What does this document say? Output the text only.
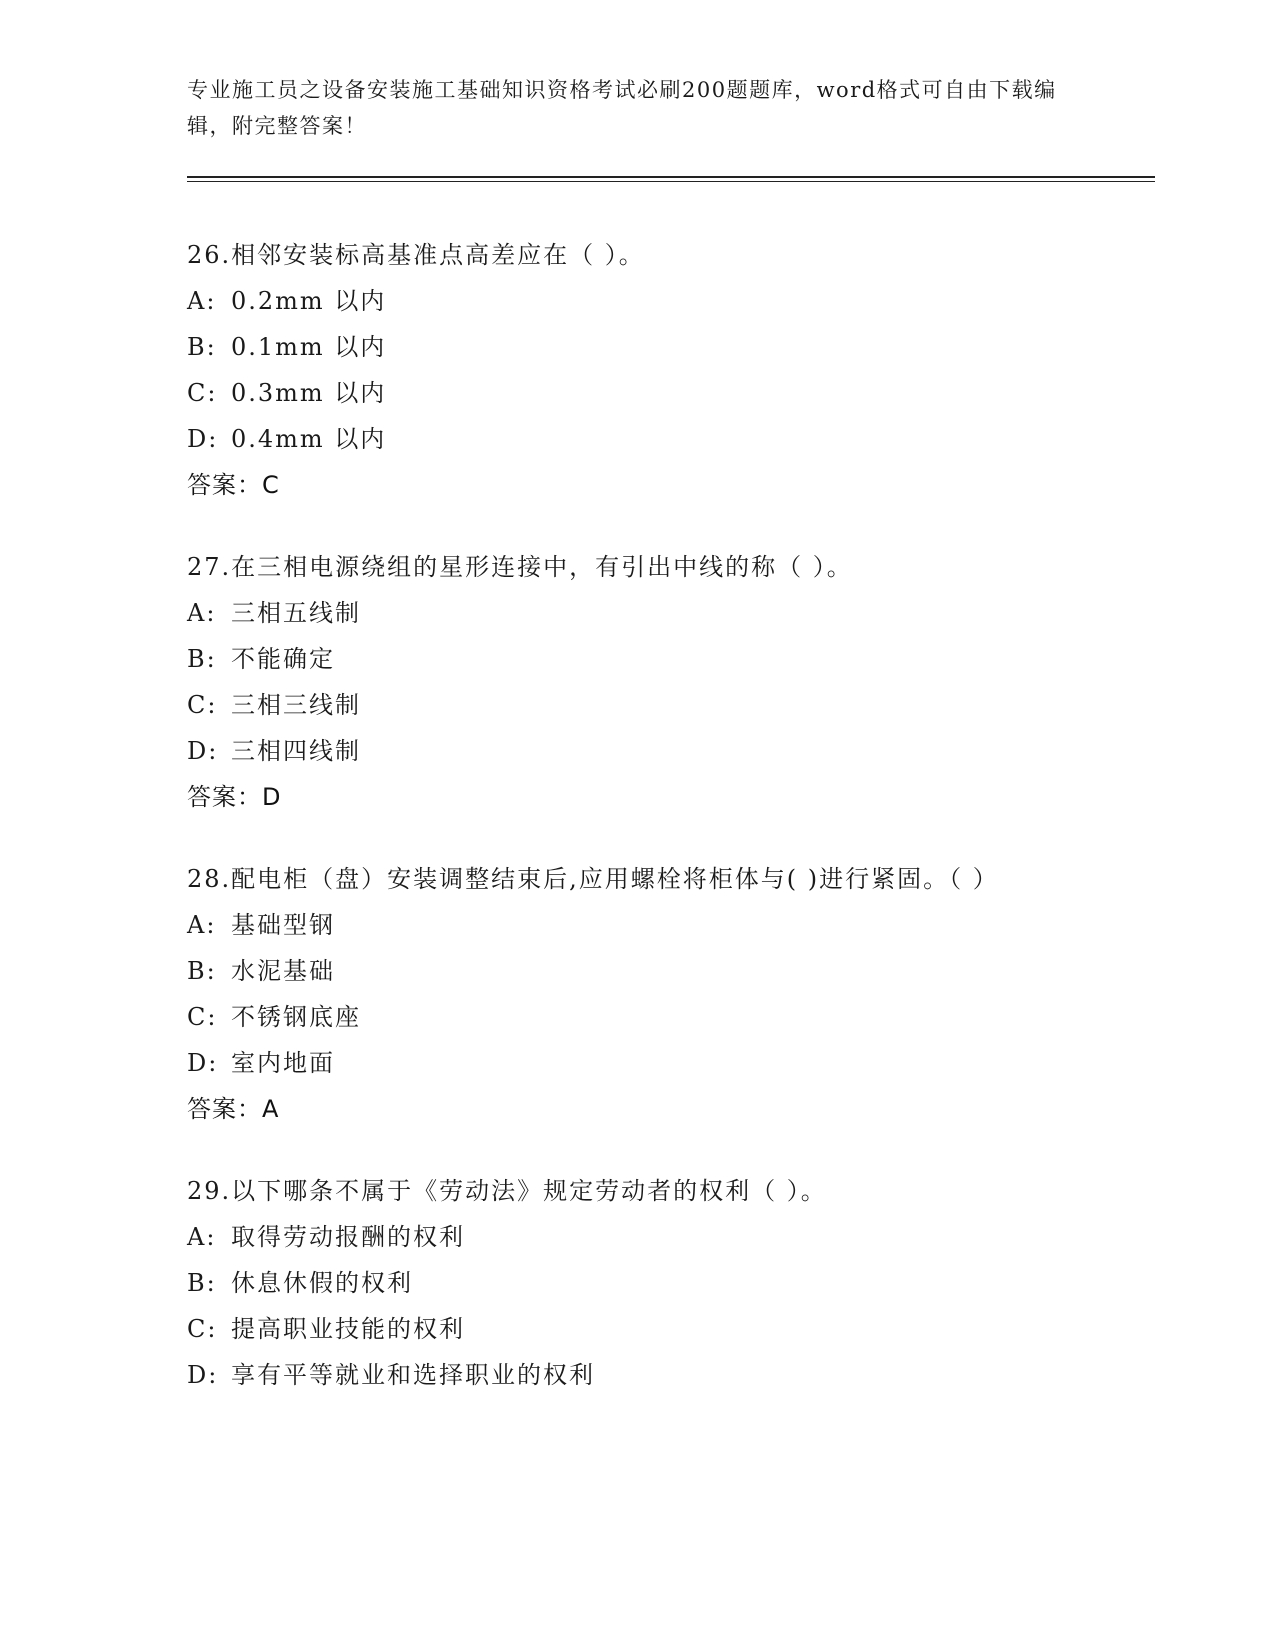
专业施工员之设备安装施工基础知识资格考试必刷200题题库，word格式可自由下载编辑，附完整答案！
26. 相邻安装标高基准点高差应在（ ）。
A: 0.2mm 以内
B: 0.1mm 以内
C: 0.3mm 以内
D: 0.4mm 以内
答案：C
27. 在三相电源绕组的星形连接中，有引出中线的称（ ）。
A: 三相五线制
B: 不能确定
C: 三相三线制
D: 三相四线制
答案：D
28. 配电柜（盘）安装调整结束后,应用螺栓将柜体与( )进行紧固。（ ）
A: 基础型钢
B: 水泥基础
C: 不锈钢底座
D: 室内地面
答案：A
29. 以下哪条不属于《劳动法》规定劳动者的权利（ ）。
A: 取得劳动报酬的权利
B: 休息休假的权利
C: 提高职业技能的权利
D: 享有平等就业和选择职业的权利
